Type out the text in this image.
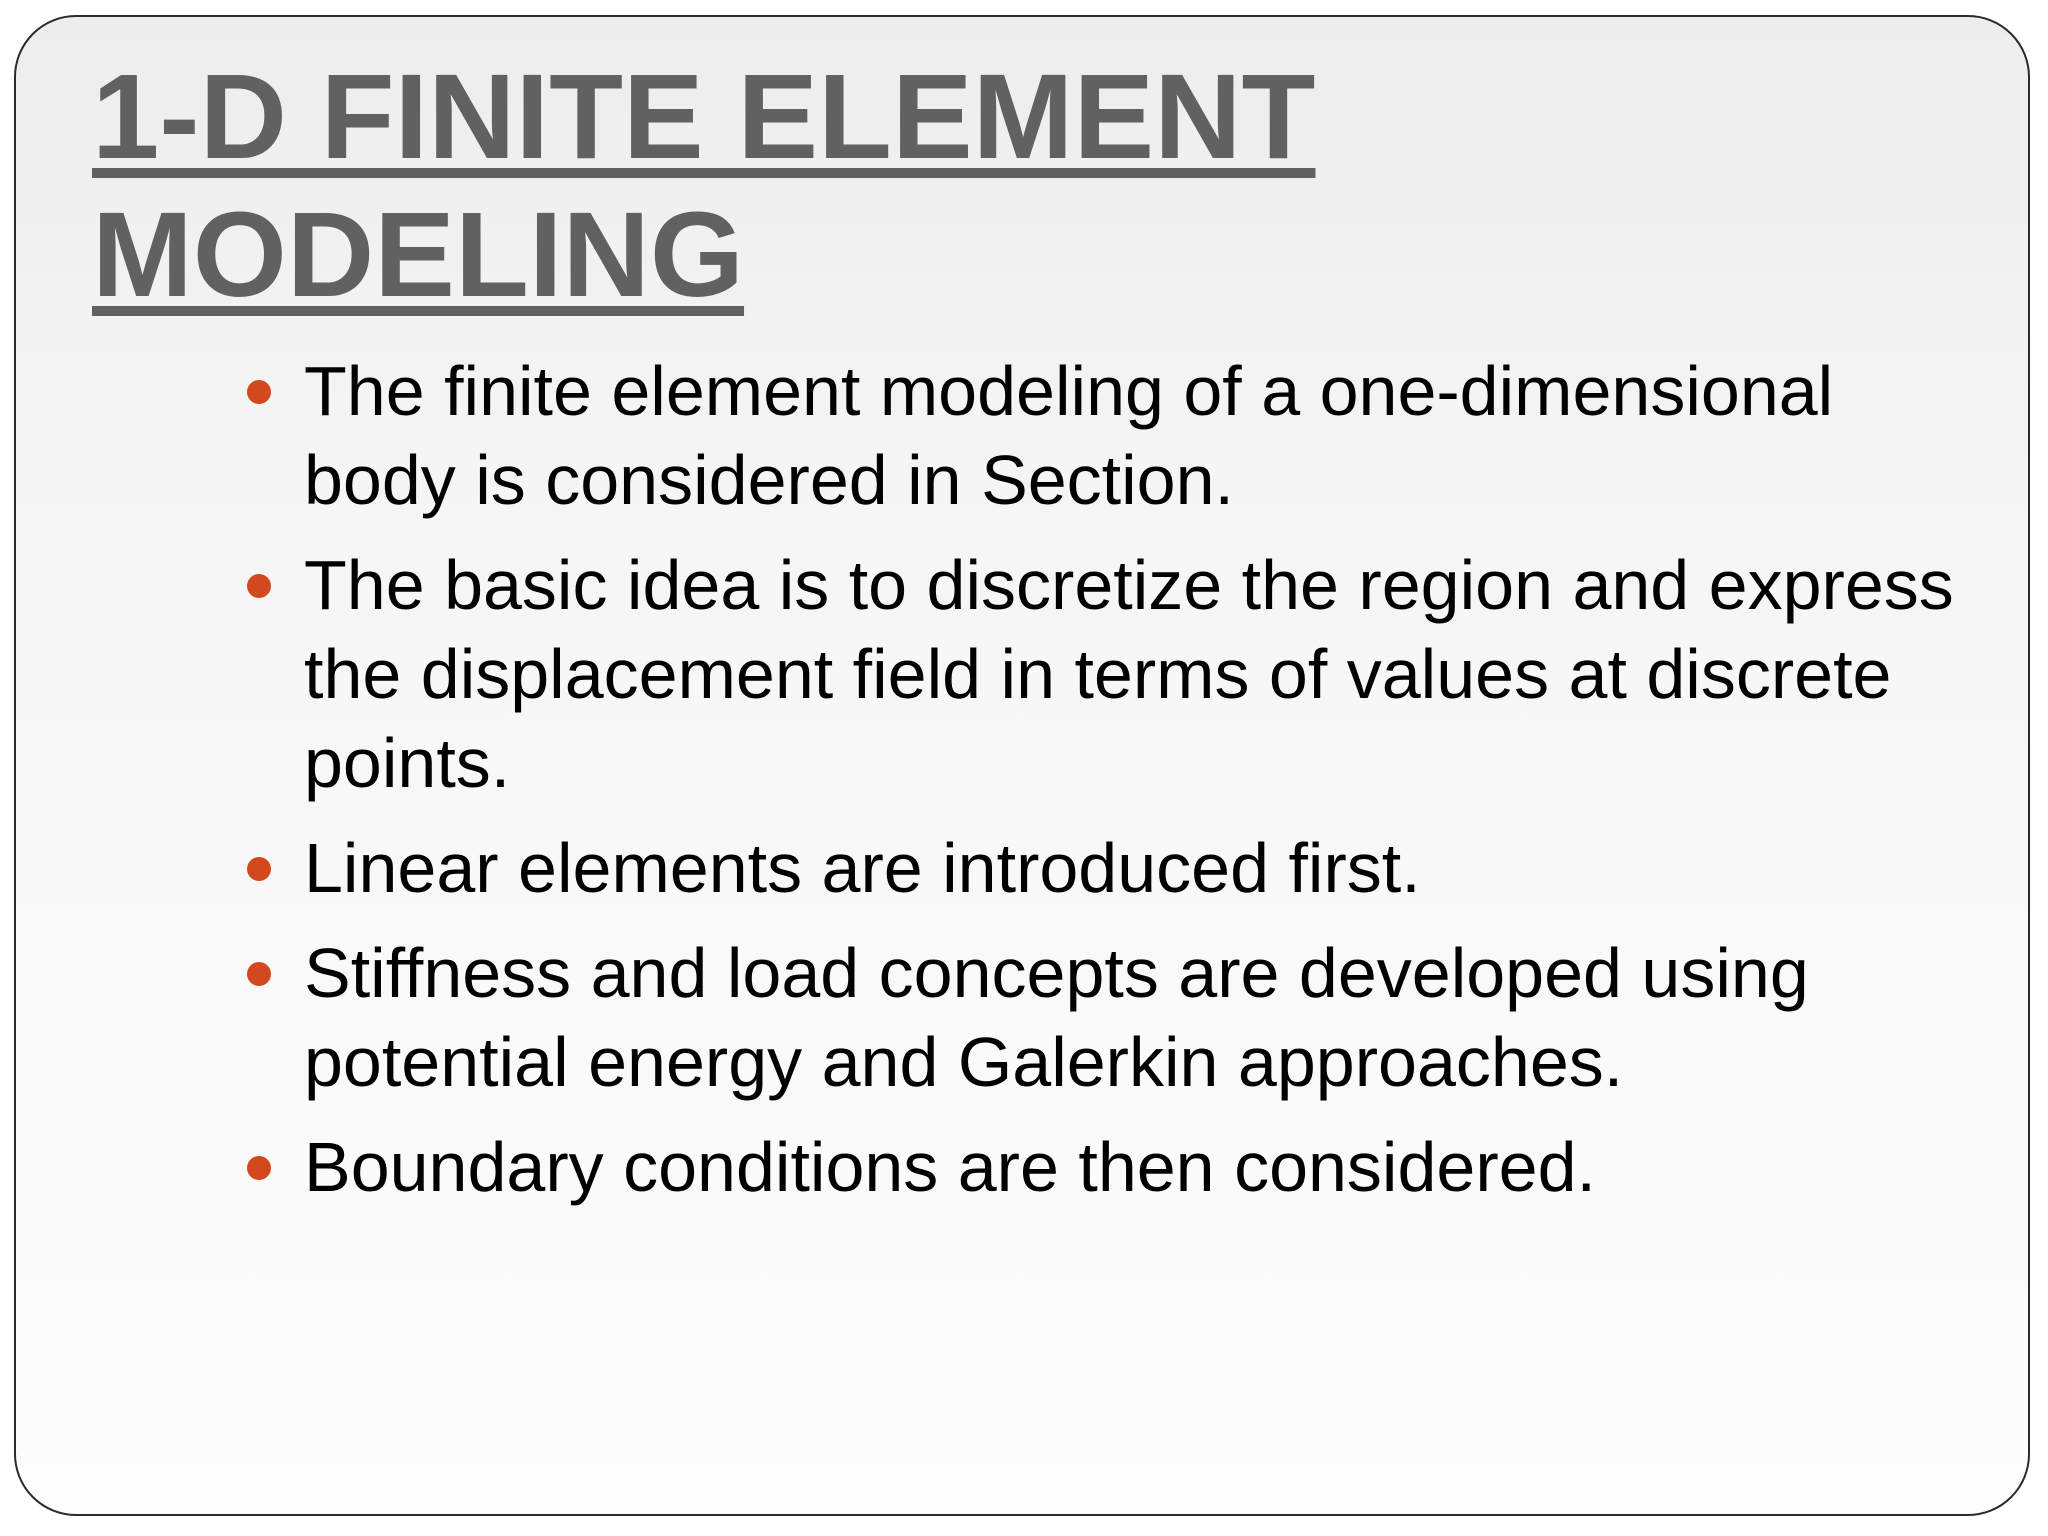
1-D FINITE ELEMENT
MODELING
The finite element modeling of a one-dimensional body is considered in Section.
The basic idea is to discretize the region and express the displacement field in terms of values at discrete points.
Linear elements are introduced first.
Stiffness and load concepts are developed using potential energy and Galerkin approaches.
Boundary conditions are then considered.
